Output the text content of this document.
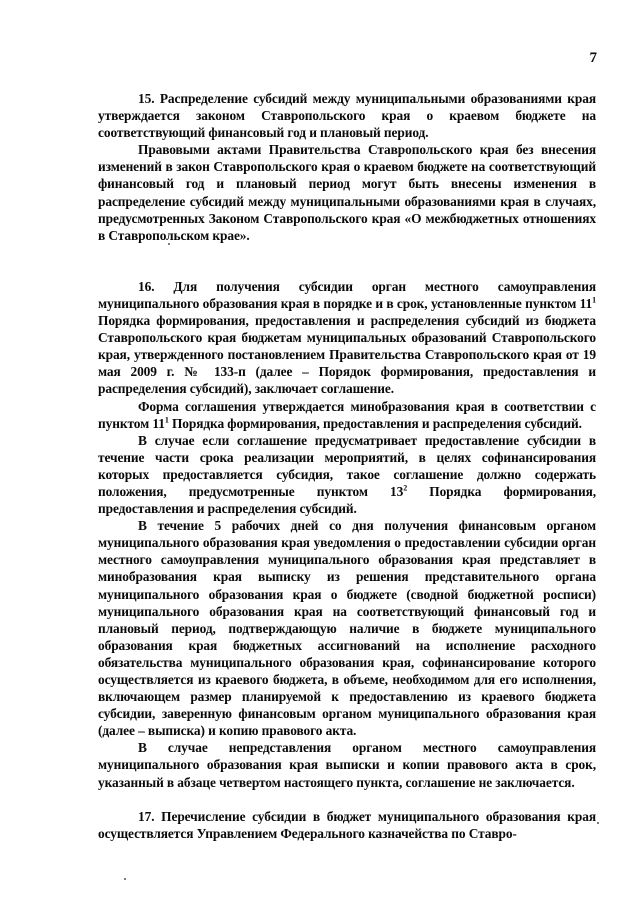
7

15. Распределение субсидий между муниципальными образованиями края утверждается законом Ставропольского края о краевом бюджете на соответствующий финансовый год и плановый период.

Правовыми актами Правительства Ставропольского края без внесения изменений в закон Ставропольского края о краевом бюджете на соответствующий финансовый год и плановый период могут быть внесены изменения в распределение субсидий между муниципальными образованиями края в случаях, предусмотренных Законом Ставропольского края «О межбюджетных отношениях в Ставропольском крае».

16. Для получения субсидии орган местного самоуправления муниципального образования края в порядке и в срок, установленные пунктом $11^1$ Порядка формирования, предоставления и распределения субсидий из бюджета Ставропольского края бюджетам муниципальных образований Ставропольского края, утвержденного постановлением Правительства Ставропольского края от 19 мая 2009 г. № 133-п (далее – Порядок формирования, предоставления и распределения субсидий), заключает соглашение.

Форма соглашения утверждается минобразования края в соответствии с пунктом $11^1$ Порядка формирования, предоставления и распределения субсидий.

В случае если соглашение предусматривает предоставление субсидии в течение части срока реализации мероприятий, в целях софинансирования которых предоставляется субсидия, такое соглашение должно содержать положения, предусмотренные пунктом $13^2$ Порядка формирования, предоставления и распределения субсидий.

В течение 5 рабочих дней со дня получения финансовым органом муниципального образования края уведомления о предоставлении субсидии орган местного самоуправления муниципального образования края представляет в минобразования края выписку из решения представительного органа муниципального образования края о бюджете (сводной бюджетной росписи) муниципального образования края на соответствующий финансовый год и плановый период, подтверждающую наличие в бюджете муниципального образования края бюджетных ассигнований на исполнение расходного обязательства муниципального образования края, софинансирование которого осуществляется из краевого бюджета, в объеме, необходимом для его исполнения, включающем размер планируемой к предоставлению из краевого бюджета субсидии, заверенную финансовым органом муниципального образования края (далее – выписка) и копию правового акта.

В случае непредставления органом местного самоуправления муниципального образования края выписки и копии правового акта в срок, указанный в абзаце четвертом настоящего пункта, соглашение не заключается.

17. Перечисление субсидии в бюджет муниципального образования края осуществляется Управлением Федерального казначейства по Ставро-
